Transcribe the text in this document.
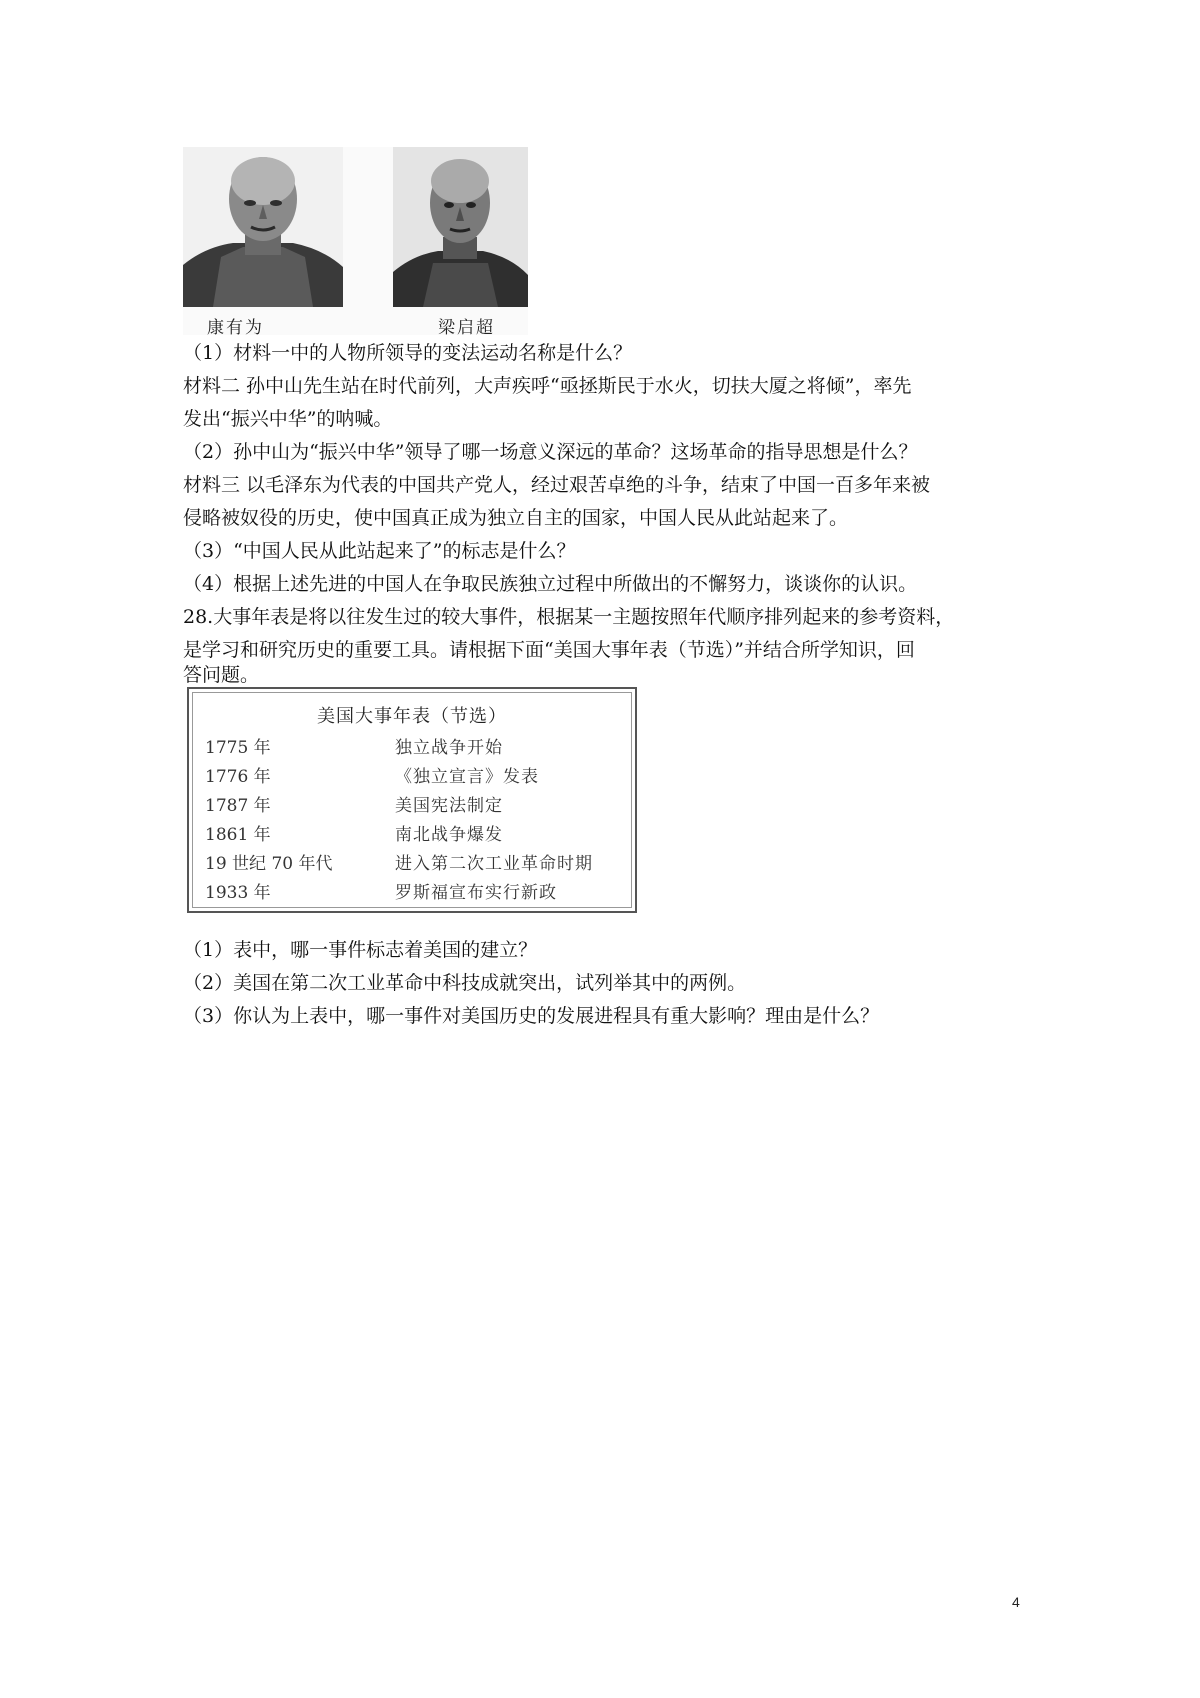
康有为	梁启超
（1）材料一中的人物所领导的变法运动名称是什么？
材料二 孙中山先生站在时代前列，大声疾呼“亟拯斯民于水火，切扶大厦之将倾”，率先
发出“振兴中华”的呐喊。
（2）孙中山为“振兴中华”领导了哪一场意义深远的革命？这场革命的指导思想是什么？
材料三 以毛泽东为代表的中国共产党人，经过艰苦卓绝的斗争，结束了中国一百多年来被
侵略被奴役的历史，使中国真正成为独立自主的国家，中国人民从此站起来了。
（3）“中国人民从此站起来了”的标志是什么？
（4）根据上述先进的中国人在争取民族独立过程中所做出的不懈努力，谈谈你的认识。
28.大事年表是将以往发生过的较大事件，根据某一主题按照年代顺序排列起来的参考资料，
是学习和研究历史的重要工具。请根据下面“美国大事年表（节选）”并结合所学知识，回
答问题。
美国大事年表（节选）
1775 年	独立战争开始
1776 年	《独立宣言》发表
1787 年	美国宪法制定
1861 年	南北战争爆发
19 世纪 70 年代	进入第二次工业革命时期
1933 年	罗斯福宣布实行新政
（1）表中，哪一事件标志着美国的建立？
（2）美国在第二次工业革命中科技成就突出，试列举其中的两例。
（3）你认为上表中，哪一事件对美国历史的发展进程具有重大影响？理由是什么？
4
